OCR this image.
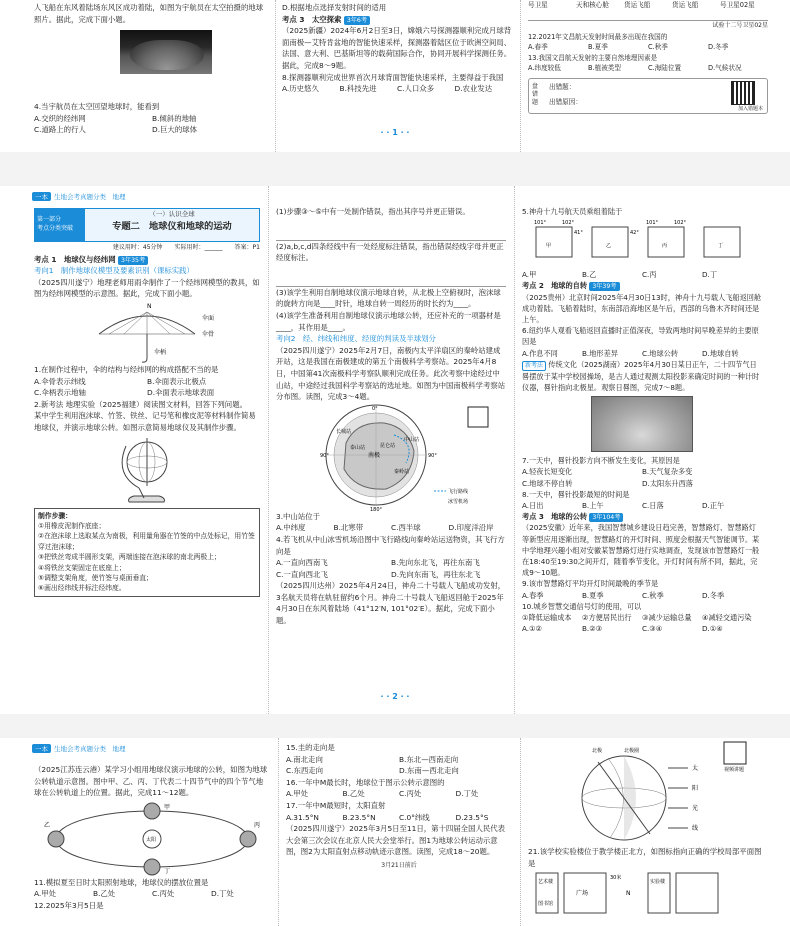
人飞船在东风着陆场东风区成功着陆，如图为宇航员在太空拍摄的地球照片。据此，完成下面小题。

4.当宇航员在太空回望地球时，能看到

A.交织的经纬网	B.倾斜的地轴
C.道路上的行人	D.巨大的球体

D.根据地点选择发射时间的适用

考点 3　太空探索 3年6考

（2025新疆）2024年6月2日至3日，嫦娥六号探测器顺利完成月球背面南极—艾特肯盆地的智能快速采样，探测器着陆区位于欧洲空间局、法国、意大利、巴基斯坦等的载荷国际合作，协同开展科学探测任务。据此，完成8～9题。

8.探测器顺利完成世界首次月球背面智能快速采样，主要得益于我国

A.历史悠久	B.科技先进	C.人口众多	D.农业发达
号卫星	天和核心舱	货运飞船	货运飞船	号卫星02星

试验十二号卫星02星

12.2021年文昌航天发射时间最多出现在我国的

A.春季	B.夏季	C.秋季	D.冬季

13.我国文昌航天发射的主要自然地理因素是

A.纬度较低	B.植被类型	C.海陆位置	D.气候状况
盘错题
出错题：
出错原因：
加入错题本
· · 1 · ·
一本 生地会考真题分类　地理
第一部分
考点分类突破
（一）认识全球
专题二　地球仪和地球的运动

建议用时：45分钟　　实际用时：______　　答案：P1

考点 1　地球仪与经纬网 3年35考

考向1　制作地球仪模型及要素识别（课标实践）

（2025四川遂宁）地理老师用雨伞制作了一个经纬网模型的教具，如图为经纬网模型的示意图。据此，完成下面小题。

N
伞面
伞骨
伞柄

1.在制作过程中，伞的结构与经纬网的构成搭配不当的是

A.伞骨表示纬线	B.伞面表示北极点
C.伞柄表示地轴	D.伞面表示地球表面

2.新考法 地理实验（2025福建）阅读图文材料，回答下列问题。

某中学生利用泡沫球、竹签、铁丝、记号笔和橡皮泥等材料制作简易地球仪，并演示地球公转。如图示意简易地球仪及其制作步骤。

制作步骤：

①用橡皮泥制作底座；

②在泡沫球上选取某点为南极，利用量角器在竹签的中点处标记，用竹签穿过泡沫球；

③把铁丝弯成半圆形支架，两端连接在泡沫球的南北两极上；

④将铁丝支架固定在底座上；

⑤调整支架角度，使竹签与桌面垂直；

⑥画出经纬线并标注经纬度。

(1)步骤③～⑤中有一处制作错误，指出其序号并更正错误。

(2)a,b,c,d四条经线中有一处经度标注错误，指出错误经线字母并更正经度标注。

(3)该学生利用自制地球仪演示地球自转，从北极上空俯视时，泡沫球的旋转方向是____时针，地球自转一周经历的时长约为____。

(4)该学生准备利用自制地球仪演示地球公转，还应补充的一项器材是____，其作用是____。

考向2　经、纬线和纬度、经度的判读及半球划分

（2025四川遂宁）2025年2月7日，南极内太平洋扇区的秦岭站建成开站，这是我国在南极建成的第五个南极科学考察站。2025年4月8日，中国第41次南极科学考察队顺利完成任务。此次考察中途经过中山站，中途经过我国科学考察站的选址地。如图为中国南极科学考察站分布图。读图，完成3～4题。

南极
中山站
昆仑站
泰山站
长城站
秦岭站
0°
90°
180°
90°
飞行路线
冰雪机场

3.中山站位于

A.中纬度	B.北寒带	C.西半球	D.印度洋沿岸

4.若飞机从中山冰雪机场沿图中飞行路线向秦岭站运送物资，其飞行方向是

A.一直向西南飞	B.先向东北飞，再往东南飞
C.一直向西北飞	D.先向东南飞，再往东北飞

（2025四川达州）2025年4月24日，神舟二十号载人飞船成功发射，3名航天员将在轨驻留约6个月。神舟二十号载人飞船返回舱于2025年4月30日在东风着陆场（41°12′N, 101°02′E）。据此，完成下面小题。

5.神舟十九号航天员乘组着陆于

101°	102°
41°
甲	乙	丙	丁
42°
101°	102°
A.甲	B.乙	C.丙	D.丁

考点 2　地球的自转 3年39考

（2025贵州）北京时间2025年4月30日13时，神舟十九号载人飞船返回舱成功着陆。飞船着陆时，东南部沿海地区是午后，西部的乌鲁木齐时间还是上午。

6.纽约华人观看飞船返回直播时正值深夜，导致两地时间早晚差异的主要原因是

A.作息不同	B.地形差异	C.地球公转	D.地球自转

新考法 传统文化（2025湖南）2025年4月30日某日正午，二十四节气日晷摆放于某中学校园操场，是古人通过观测太阳投影来确定时间的一种计时仪器，晷针指向北极星。观察日晷图，完成7～8题。

7.一天中，晷针投影方向不断发生变化，其原因是

A.轻夜长短变化	B.天气复杂多变
C.地球不停自转	D.太阳东升西落

8.一天中，晷针投影最短的时间是

A.日出	B.上午	C.日落	D.正午

考点 3　地球的公转 3年104考

（2025安徽）近年来，我国智慧城乡建设日趋完善，智慧路灯、智慧路灯等新型应用逐渐出现，智慧路灯的开灯时间、照度会根据天气智能调节。某中学地理兴趣小组对安徽某智慧路灯进行实地调查，发现该市智慧路灯一般在18:40至19:30之间开灯，随着季节变化，开灯时间有所不同，据此，完成9～10题。

9.该市智慧路灯平均开灯时间最晚的季节是

A.春季	B.夏季	C.秋季	D.冬季

10.城乡智慧交通信号灯的使用，可以

①降低运输成本	②方便居民出行	③减少运输总量	④减轻交通污染
A.①②	B.②③	C.③④	D.①④
· · 2 · ·
一本 生地会考真题分类　地理

（2025江苏连云港）某学习小组用地球仪演示地球的公转，如图为地球公转轨道示意图。图中甲、乙、丙、丁代表二十四节气中的四个节气地球在公转轨道上的位置。据此，完成11～12题。

乙
甲
丙
丁
太阳

11.模拟夏至日时太阳照射地球，地球仪的摆放位置是

A.甲处	B.乙处	C.丙处	D.丁处

12.2025年3月5日是

15.圭的走向是

A.南北走向	B.东北—西南走向
C.东西走向	D.东南—西北走向

16.一年中M最长时，地球位于图示公转示意图的

A.甲处	B.乙处	C.丙处	D.丁处

17.一年中M最短时，太阳直射

A.31.5°N	B.23.5°N	C.0°纬线	D.23.5°S

（2025四川遂宁）2025年3月5日至11日，第十四届全国人民代表大会第三次会议在北京人民大会堂举行。图1为地球公转运动示意图，图2为太阳直射点移动轨迹示意图。读图，完成18～20题。

3月21日前后

太
阳
光
线
北极	北极圈
视频讲题

21.该学校实验楼位于教学楼正北方，如图标指向正确的学校局部平面图是

艺术楼
图书馆
广场
30米
N
实验楼
